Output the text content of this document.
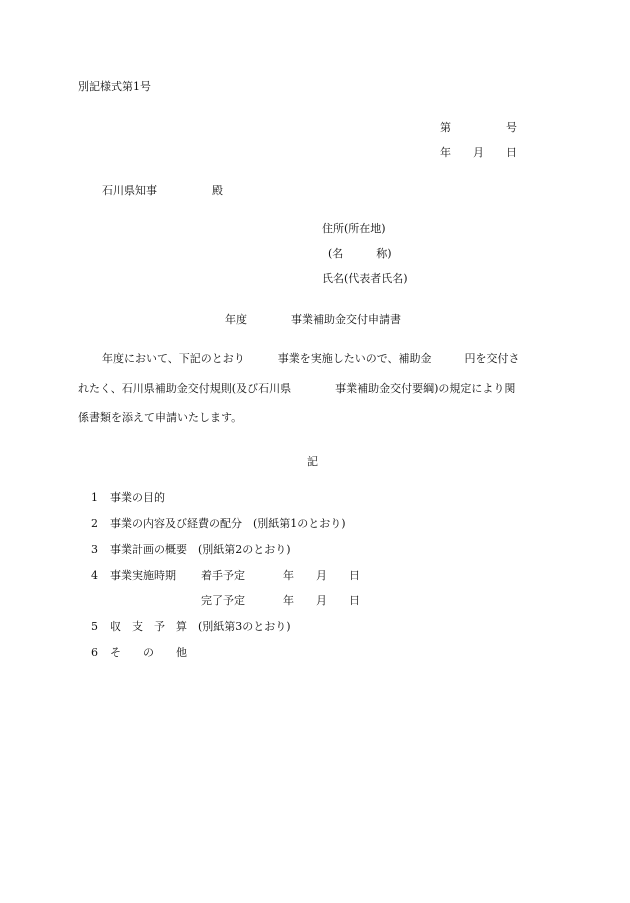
別記様式第1号
第　　　　　号
年　　月　　日
石川県知事　　　　　殿
住所(所在地)
(名　　　称)
氏名(代表者氏名)
年度　　　　事業補助金交付申請書
年度において、下記のとおり　　　事業を実施したいので、補助金　　　円を交付さ
れたく、石川県補助金交付規則(及び石川県　　　　事業補助金交付要綱)の規定により関
係書類を添えて申請いたします。
記
1 事業の目的
2 事業の内容及び経費の配分　(別紙第1のとおり)
3 事業計画の概要　(別紙第2のとおり)
4 事業実施時期 着手予定	年　　月　　日
完了予定	年　　月　　日
5 収　支　予　算　(別紙第3のとおり)
6 そ　　の　　他
